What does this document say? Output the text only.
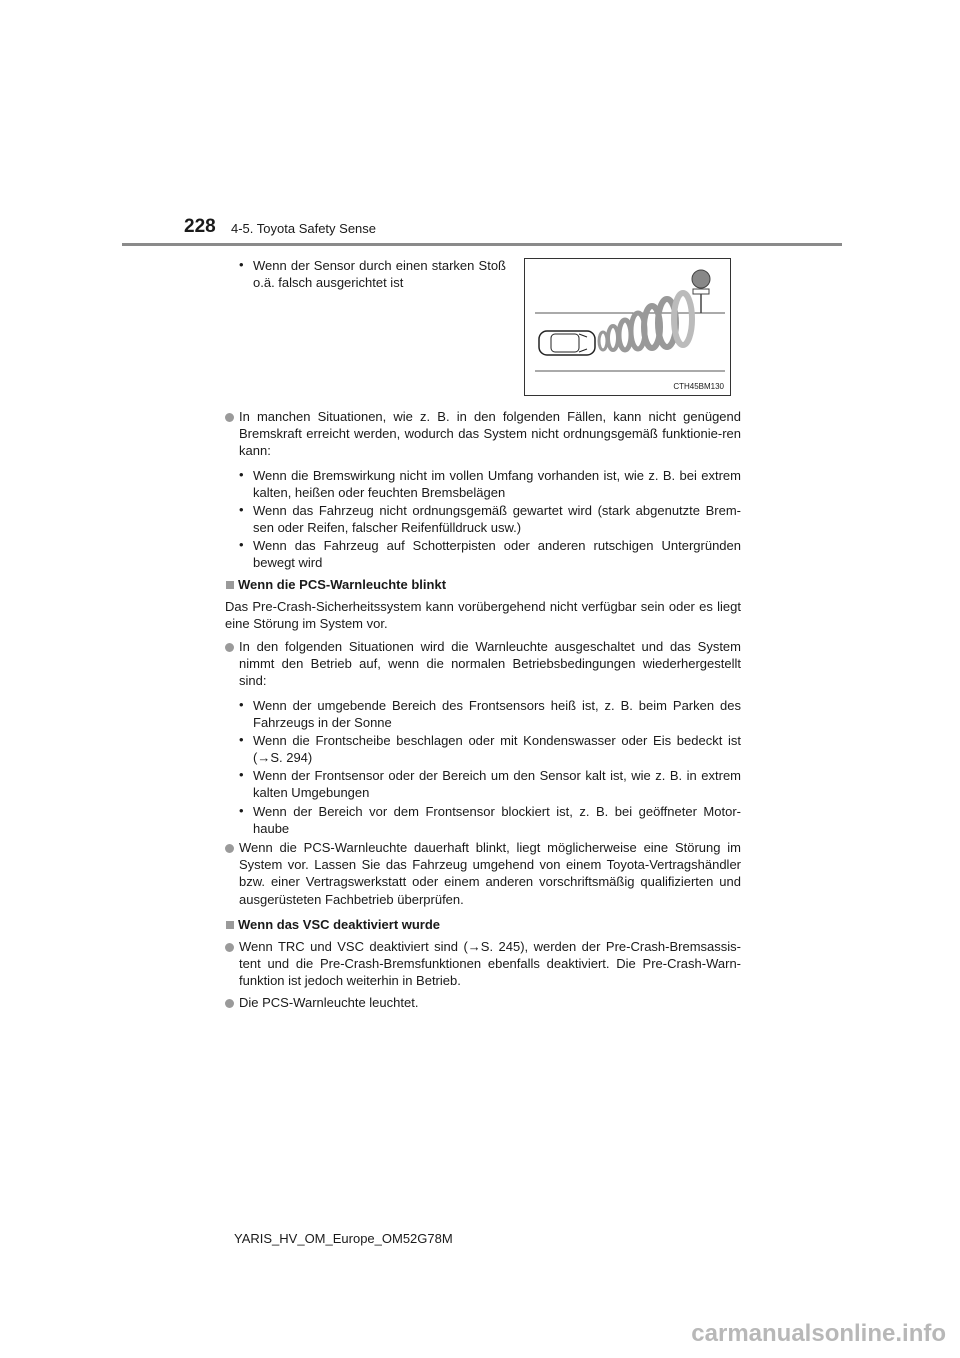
228 4-5. Toyota Safety Sense
• Wenn der Sensor durch einen starken Stoß o.ä. falsch ausgerichtet ist
CTH45BM130
In manchen Situationen, wie z. B. in den folgenden Fällen, kann nicht genügend Bremskraft erreicht werden, wodurch das System nicht ordnungsgemäß funktionie-ren kann:
• Wenn die Bremswirkung nicht im vollen Umfang vorhanden ist, wie z. B. bei extrem kalten, heißen oder feuchten Bremsbelägen
• Wenn das Fahrzeug nicht ordnungsgemäß gewartet wird (stark abgenutzte Brem-sen oder Reifen, falscher Reifenfülldruck usw.)
• Wenn das Fahrzeug auf Schotterpisten oder anderen rutschigen Untergründen bewegt wird
Wenn die PCS-Warnleuchte blinkt
Das Pre-Crash-Sicherheitssystem kann vorübergehend nicht verfügbar sein oder es liegt eine Störung im System vor.
In den folgenden Situationen wird die Warnleuchte ausgeschaltet und das System nimmt den Betrieb auf, wenn die normalen Betriebsbedingungen wiederhergestellt sind:
• Wenn der umgebende Bereich des Frontsensors heiß ist, z. B. beim Parken des Fahrzeugs in der Sonne
• Wenn die Frontscheibe beschlagen oder mit Kondenswasser oder Eis bedeckt ist (→S. 294)
• Wenn der Frontsensor oder der Bereich um den Sensor kalt ist, wie z. B. in extrem kalten Umgebungen
• Wenn der Bereich vor dem Frontsensor blockiert ist, z. B. bei geöffneter Motor-haube
Wenn die PCS-Warnleuchte dauerhaft blinkt, liegt möglicherweise eine Störung im System vor. Lassen Sie das Fahrzeug umgehend von einem Toyota-Vertragshändler bzw. einer Vertragswerkstatt oder einem anderen vorschriftsmäßig qualifizierten und ausgerüsteten Fachbetrieb überprüfen.
Wenn das VSC deaktiviert wurde
Wenn TRC und VSC deaktiviert sind (→S. 245), werden der Pre-Crash-Bremsassis-tent und die Pre-Crash-Bremsfunktionen ebenfalls deaktiviert. Die Pre-Crash-Warn-funktion ist jedoch weiterhin in Betrieb.
Die PCS-Warnleuchte leuchtet.
YARIS_HV_OM_Europe_OM52G78M
carmanualsonline.info
